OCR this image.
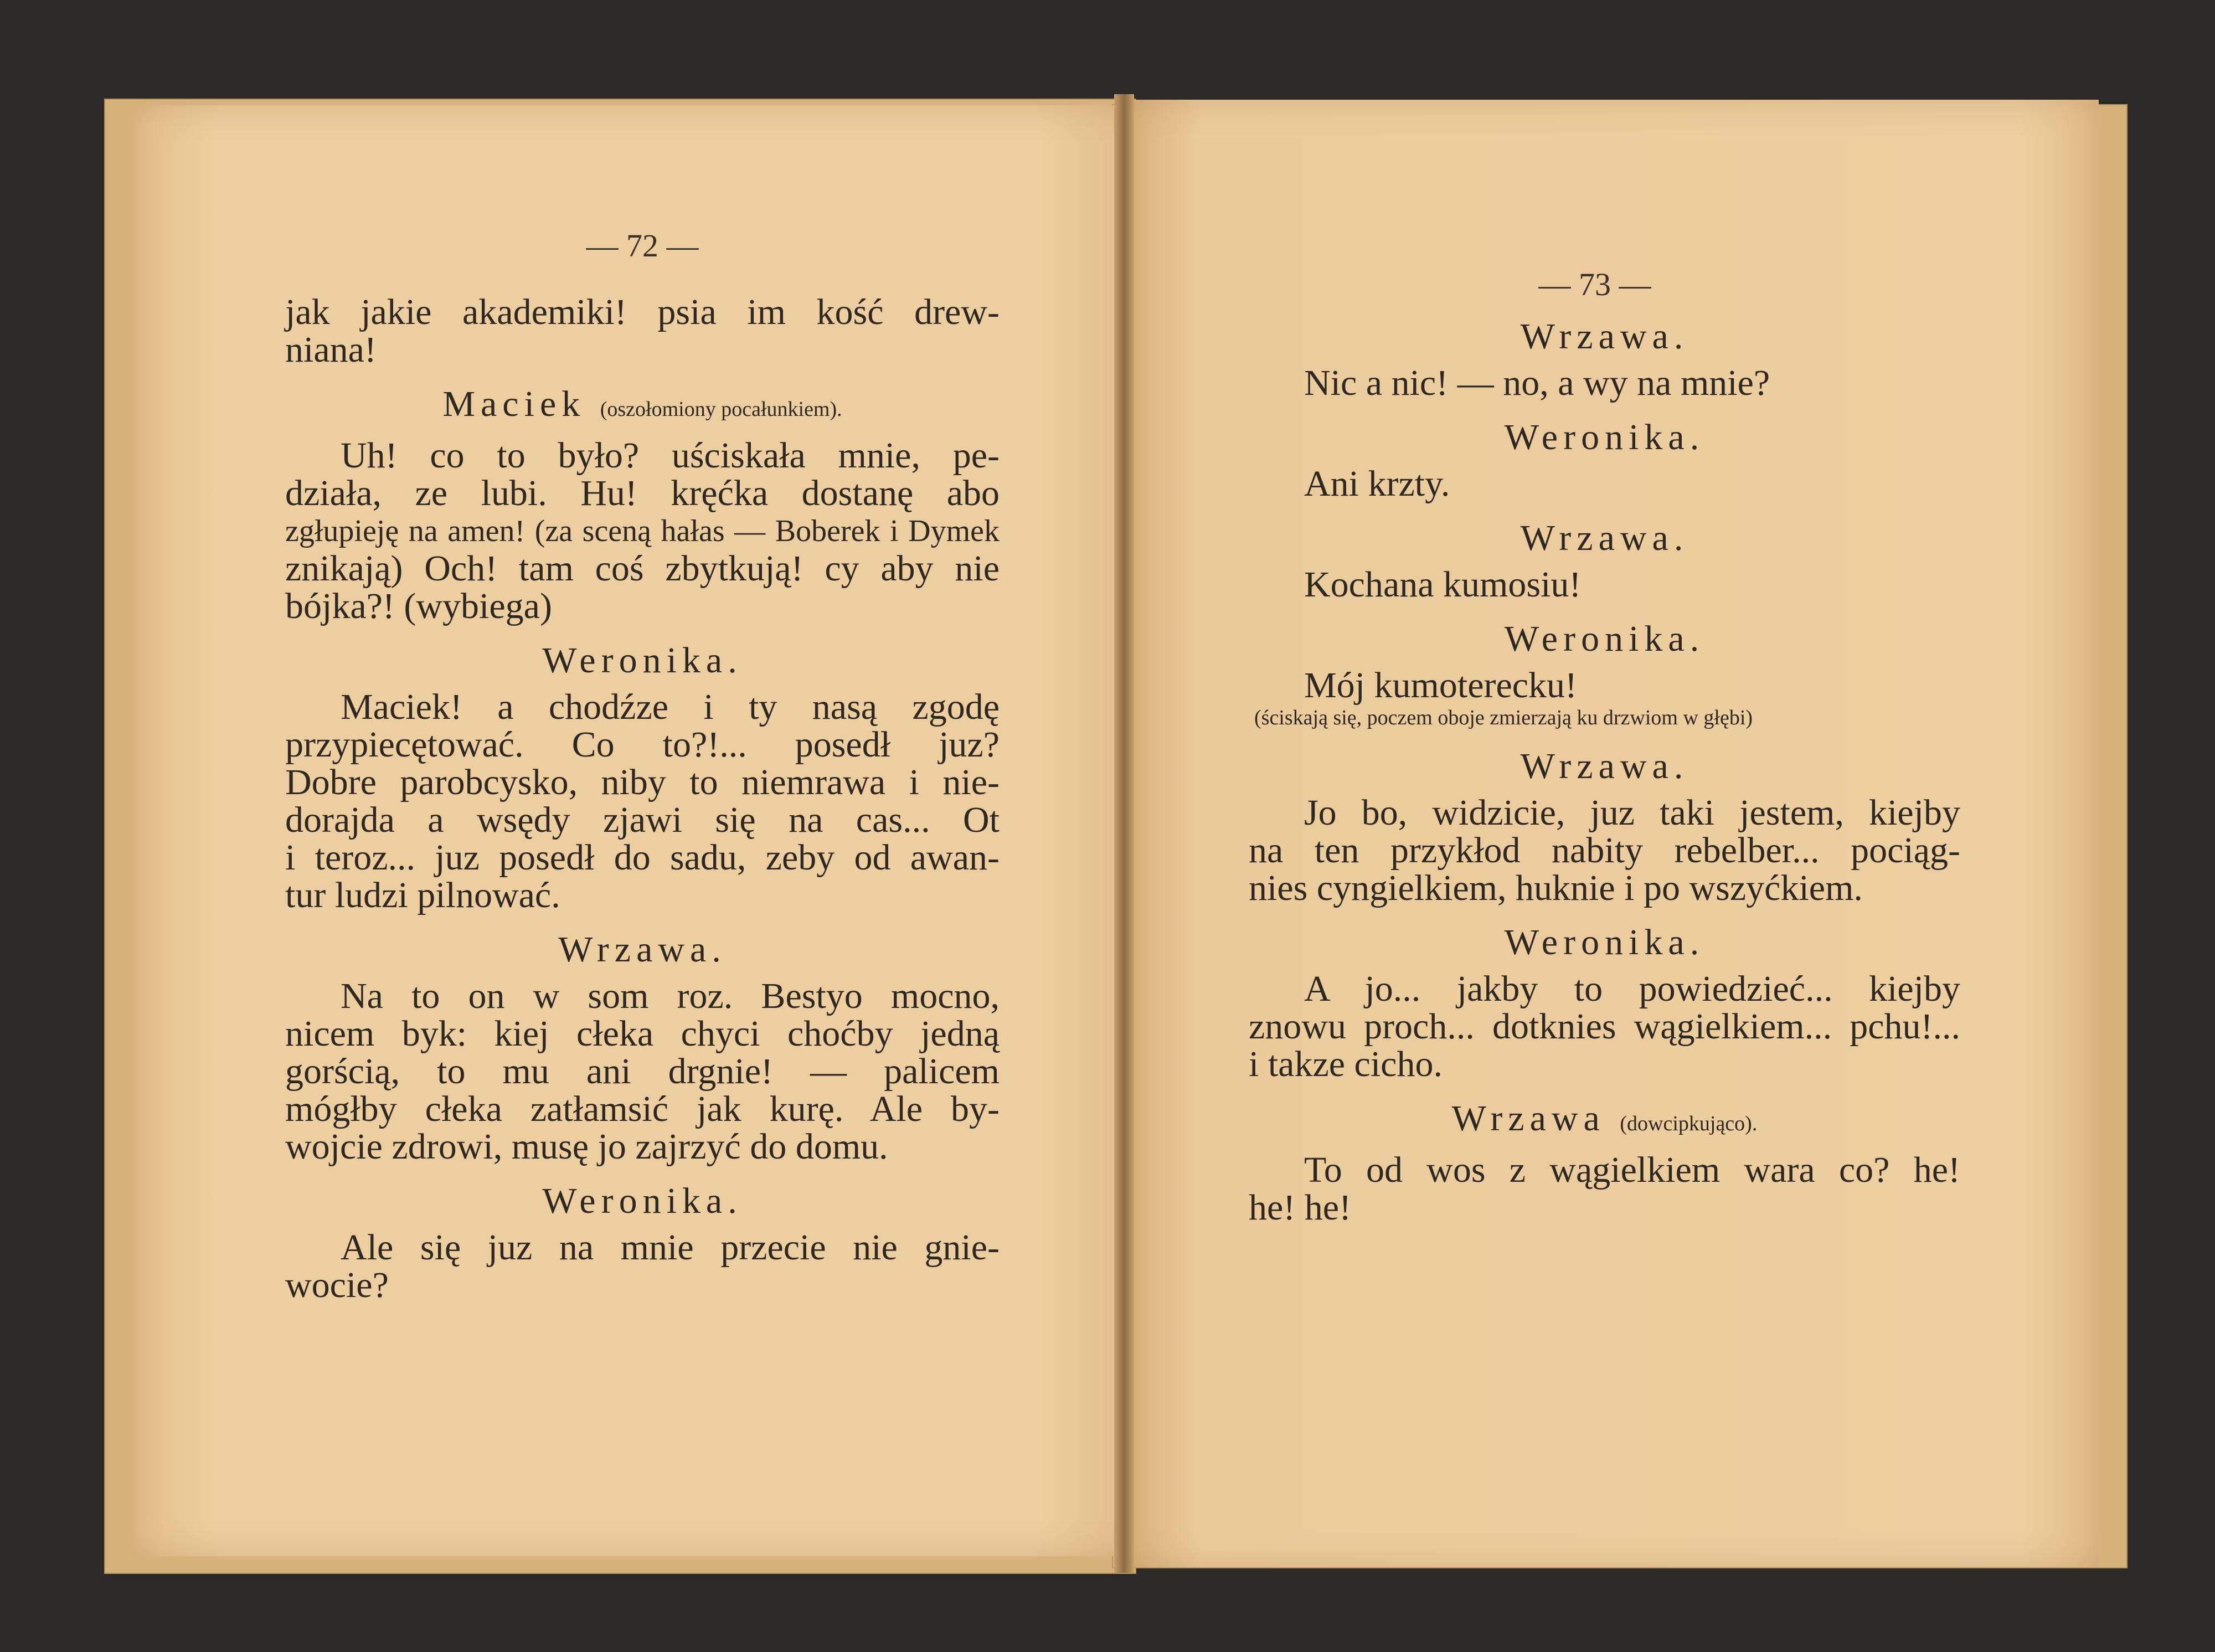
— 72 —
jak jakie akademiki! psia im kość drew-
niana!
Maciek (oszołomiony pocałunkiem).
Uh! co to było? uściskała mnie, pe-
działa, ze lubi. Hu! kręćka dostanę abo
zgłupieję na amen! (za sceną hałas — Boberek i Dymek
znikają) Och! tam coś zbytkują! cy aby nie
bójka?! (wybiega)
Weronika.
Maciek! a chodźze i ty nasą zgodę
przypiecętować. Co to?!... posedł juz?
Dobre parobcysko, niby to niemrawa i nie-
dorajda a wsędy zjawi się na cas... Ot
i teroz... juz posedł do sadu, zeby od awan-
tur ludzi pilnować.
Wrzawa.
Na to on w som roz. Bestyo mocno,
nicem byk: kiej cłeka chyci choćby jedną
gorścią, to mu ani drgnie! — palicem
mógłby cłeka zatłamsić jak kurę. Ale by-
wojcie zdrowi, musę jo zajrzyć do domu.
Weronika.
Ale się juz na mnie przecie nie gnie-
wocie?
— 73 —
Wrzawa.
Nic a nic! — no, a wy na mnie?
Weronika.
Ani krzty.
Wrzawa.
Kochana kumosiu!
Weronika.
Mój kumoterecku!
(ściskają się, poczem oboje zmierzają ku drzwiom w głębi)
Wrzawa.
Jo bo, widzicie, juz taki jestem, kiejby
na ten przykłod nabity rebelber... pociąg-
nies cyngielkiem, huknie i po wszyćkiem.
Weronika.
A jo... jakby to powiedzieć... kiejby
znowu proch... dotknies wągielkiem... pchu!...
i takze cicho.
Wrzawa (dowcipkująco).
To od wos z wągielkiem wara co? he!
he! he!
